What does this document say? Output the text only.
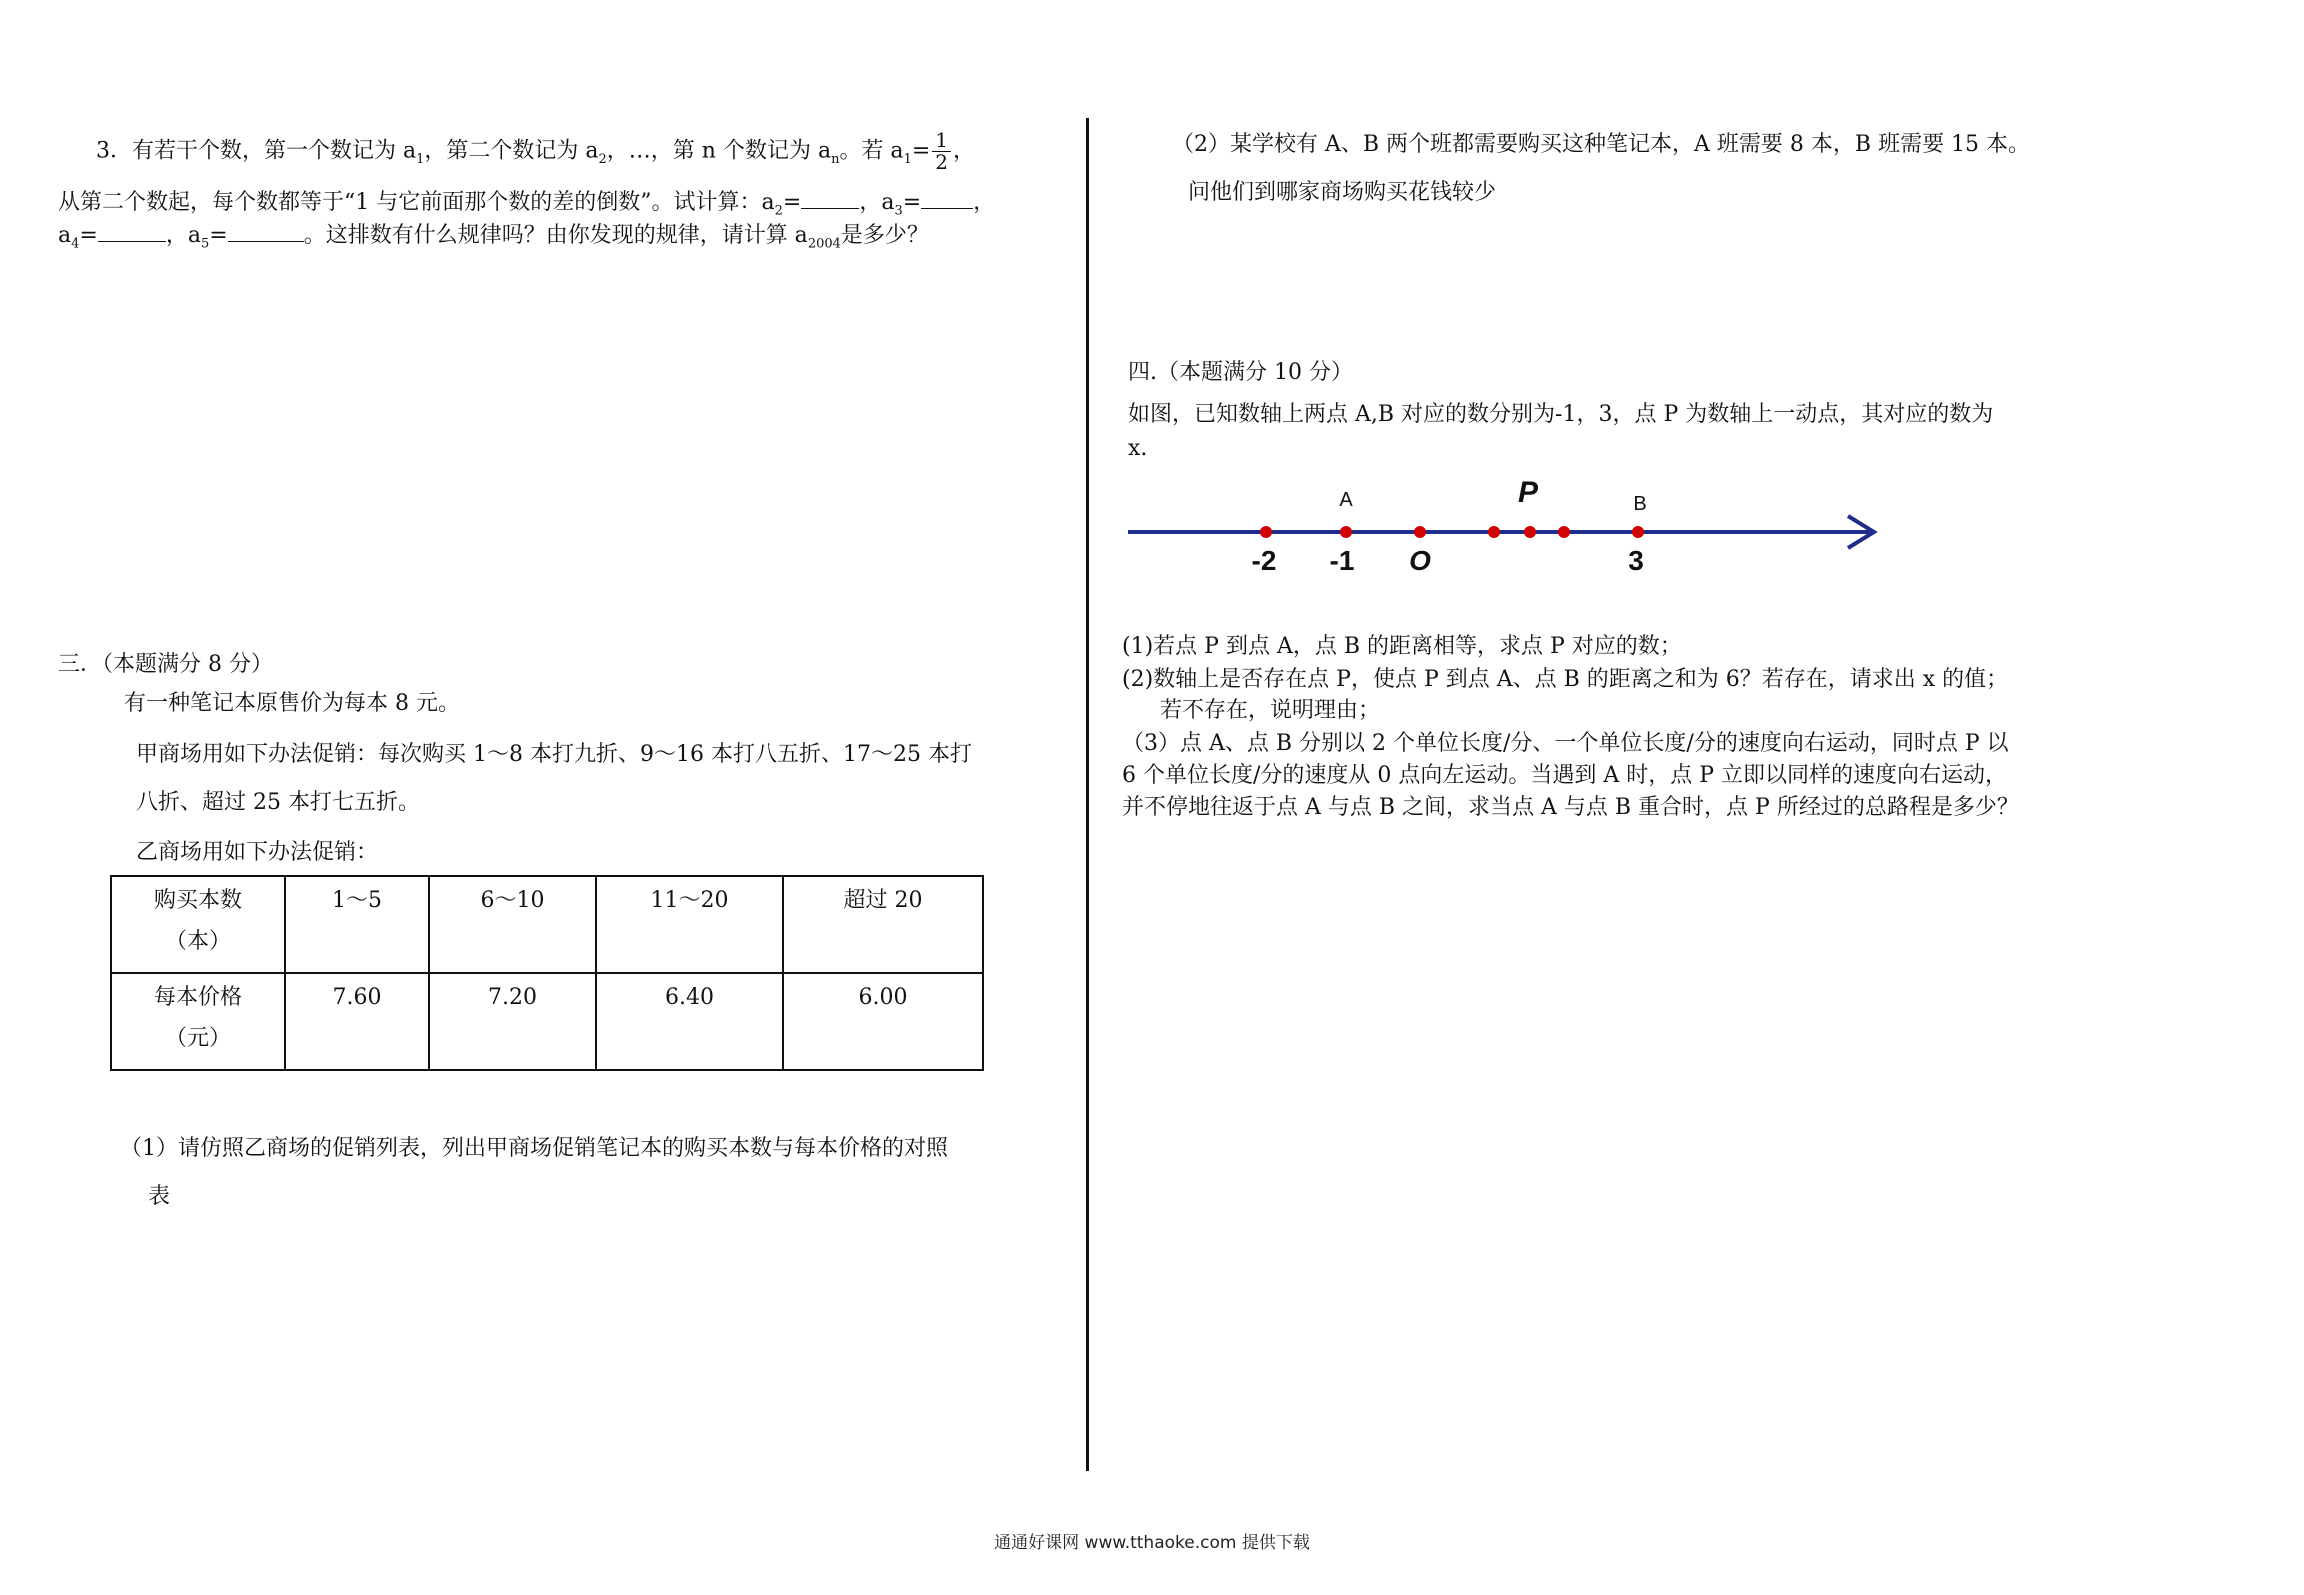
3．有若干个数，第一个数记为 $a_1$，第二个数记为 $a_2$，…，第 n 个数记为 $a_n$。若 $a_1= \frac{1}{2}$ ，
从第二个数起，每个数都等于“1 与它前面那个数的差的倒数”。试计算：$a_2=$	，$a_3=$ ，
$a_4=$	，$a_5=$	。这排数有什么规律吗？由你发现的规律，请计算 $a_{2004}$是多少？
三．（本题满分 8 分）
有一种笔记本原售价为每本 8 元。
甲商场用如下办法促销：每次购买 1～8 本打九折、9～16 本打八五折、17～25 本打
八折、超过 25 本打七五折。
乙商场用如下办法促销：
购买本数
（本）	1～5	6～10	11～20	超过 20
每本价格
（元）	7.60	7.20	6.40	6.00
（1）请仿照乙商场的促销列表，列出甲商场促销笔记本的购买本数与每本价格的对照
表
（2）某学校有 A、B 两个班都需要购买这种笔记本，A 班需要 8 本，B 班需要 15 本。
问他们到哪家商场购买花钱较少
四.（本题满分 10 分）
如图，已知数轴上两点 A,B 对应的数分别为-1，3，点 P 为数轴上一动点，其对应的数为
x.
A	P	B
-2 -1 O	3
(1)若点 P 到点 A，点 B 的距离相等，求点 P 对应的数；
(2)数轴上是否存在点 P，使点 P 到点 A、点 B 的距离之和为 6？若存在，请求出 x 的值；
若不存在，说明理由；
（3）点 A、点 B 分别以 2 个单位长度/分、一个单位长度/分的速度向右运动，同时点 P 以
6 个单位长度/分的速度从 0 点向左运动。当遇到 A 时，点 P 立即以同样的速度向右运动，
并不停地往返于点 A 与点 B 之间，求当点 A 与点 B 重合时，点 P 所经过的总路程是多少？
通通好课网 www.tthaoke.com 提供下载
